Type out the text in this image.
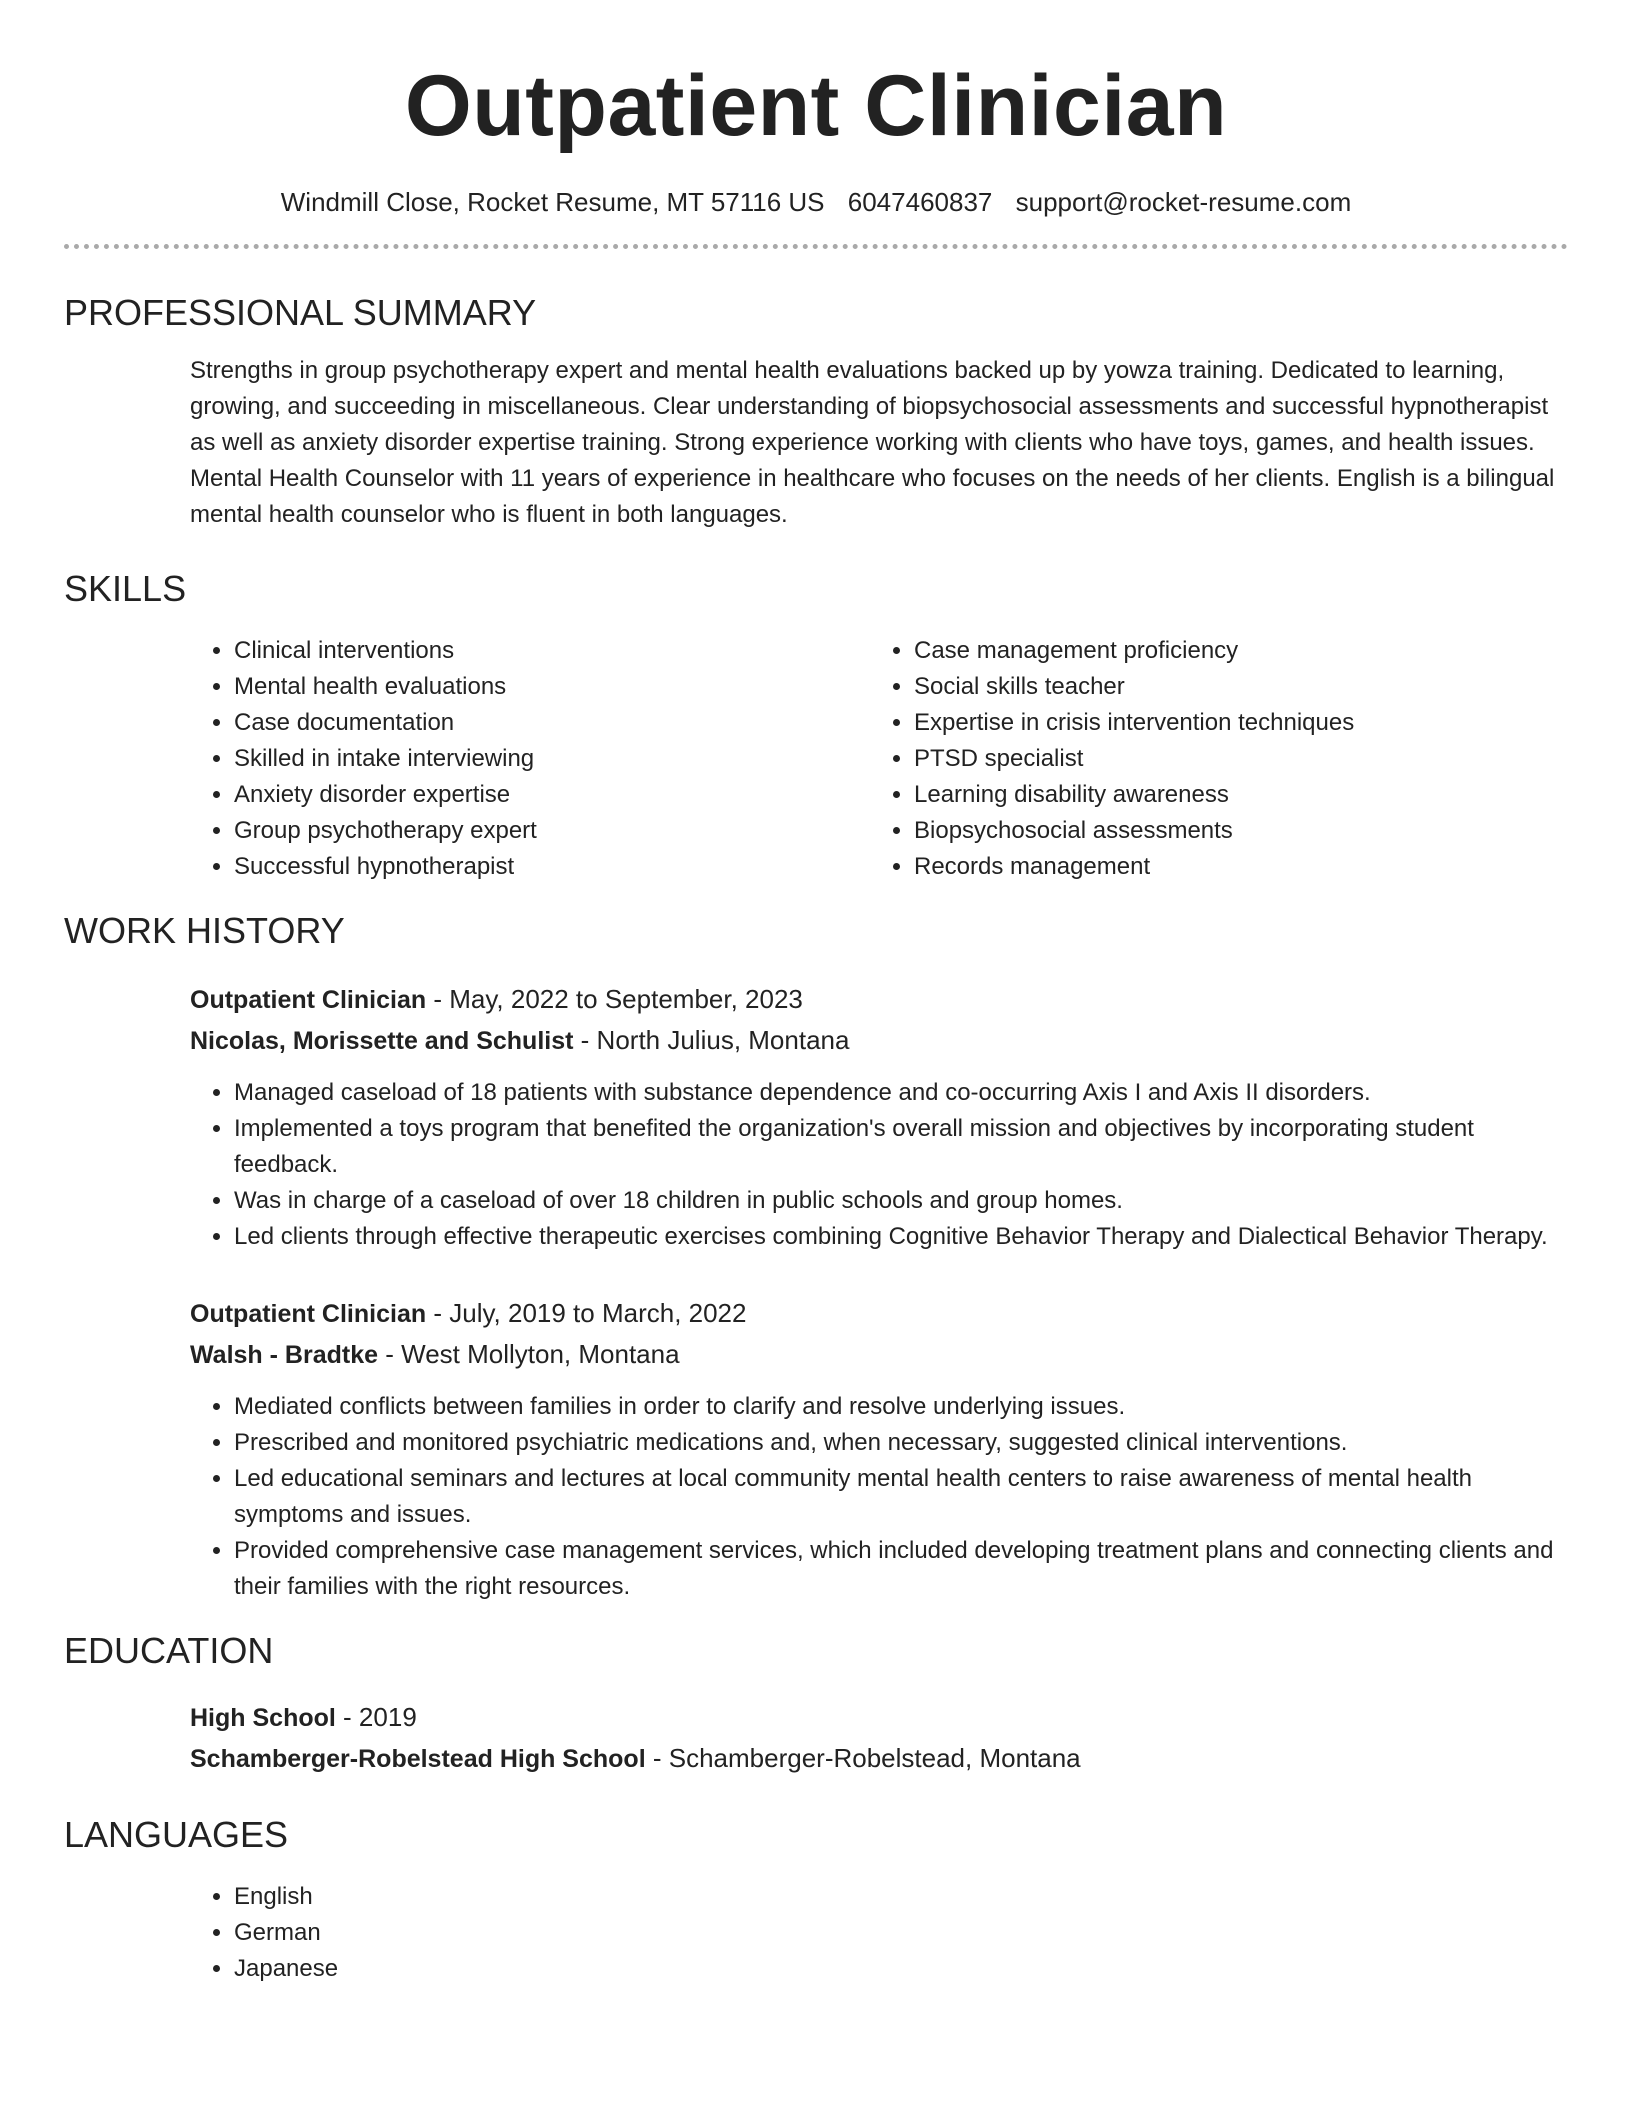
Outpatient Clinician
Windmill Close, Rocket Resume, MT 57116 US 6047460837 support@rocket-resume.com
PROFESSIONAL SUMMARY
Strengths in group psychotherapy expert and mental health evaluations backed up by yowza training. Dedicated to learning, growing, and succeeding in miscellaneous. Clear understanding of biopsychosocial assessments and successful hypnotherapist as well as anxiety disorder expertise training. Strong experience working with clients who have toys, games, and health issues. Mental Health Counselor with 11 years of experience in healthcare who focuses on the needs of her clients. English is a bilingual mental health counselor who is fluent in both languages.
SKILLS
• Clinical interventions
• Mental health evaluations
• Case documentation
• Skilled in intake interviewing
• Anxiety disorder expertise
• Group psychotherapy expert
• Successful hypnotherapist
• Case management proficiency
• Social skills teacher
• Expertise in crisis intervention techniques
• PTSD specialist
• Learning disability awareness
• Biopsychosocial assessments
• Records management
WORK HISTORY
Outpatient Clinician - May, 2022 to September, 2023
Nicolas, Morissette and Schulist - North Julius, Montana
• Managed caseload of 18 patients with substance dependence and co-occurring Axis I and Axis II disorders.
• Implemented a toys program that benefited the organization's overall mission and objectives by incorporating student feedback.
• Was in charge of a caseload of over 18 children in public schools and group homes.
• Led clients through effective therapeutic exercises combining Cognitive Behavior Therapy and Dialectical Behavior Therapy.
Outpatient Clinician - July, 2019 to March, 2022
Walsh - Bradtke - West Mollyton, Montana
• Mediated conflicts between families in order to clarify and resolve underlying issues.
• Prescribed and monitored psychiatric medications and, when necessary, suggested clinical interventions.
• Led educational seminars and lectures at local community mental health centers to raise awareness of mental health symptoms and issues.
• Provided comprehensive case management services, which included developing treatment plans and connecting clients and their families with the right resources.
EDUCATION
High School - 2019
Schamberger-Robelstead High School - Schamberger-Robelstead, Montana
LANGUAGES
• English
• German
• Japanese
